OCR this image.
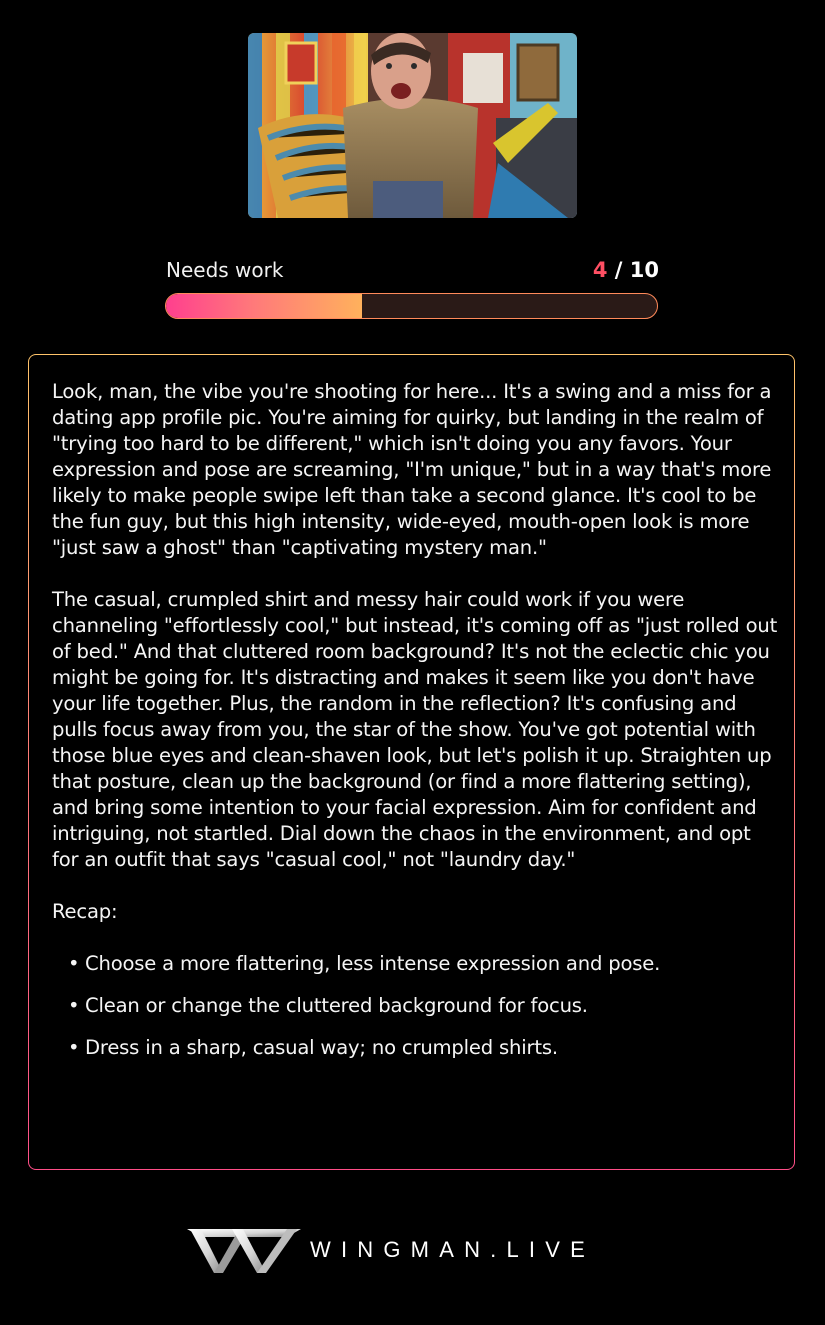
Needs work	4 / 10

Look, man, the vibe you're shooting for here... It's a swing and a miss for a dating app profile pic. You're aiming for quirky, but landing in the realm of "trying too hard to be different," which isn't doing you any favors. Your expression and pose are screaming, "I'm unique," but in a way that's more likely to make people swipe left than take a second glance. It's cool to be the fun guy, but this high intensity, wide-eyed, mouth-open look is more "just saw a ghost" than "captivating mystery man."

The casual, crumpled shirt and messy hair could work if you were channeling "effortlessly cool," but instead, it's coming off as "just rolled out of bed." And that cluttered room background? It's not the eclectic chic you might be going for. It's distracting and makes it seem like you don't have your life together. Plus, the random in the reflection? It's confusing and pulls focus away from you, the star of the show. You've got potential with those blue eyes and clean-shaven look, but let's polish it up. Straighten up that posture, clean up the background (or find a more flattering setting), and bring some intention to your facial expression. Aim for confident and intriguing, not startled. Dial down the chaos in the environment, and opt for an outfit that says "casual cool," not "laundry day."

Recap:

• Choose a more flattering, less intense expression and pose.
• Clean or change the cluttered background for focus.
• Dress in a sharp, casual way; no crumpled shirts.
WINGMAN.LIVE
